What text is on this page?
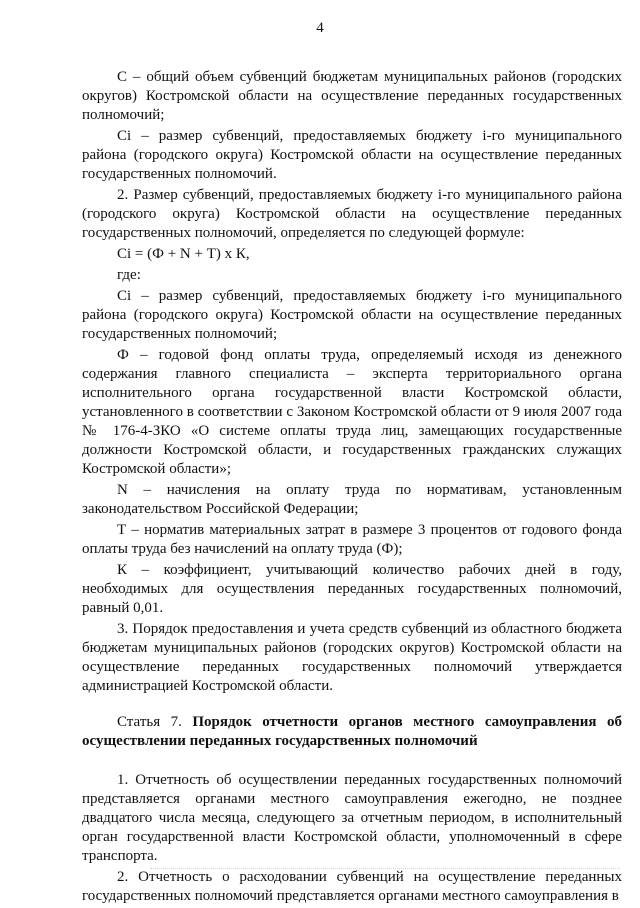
4

С – общий объем субвенций бюджетам муниципальных районов (городских округов) Костромской области на осуществление переданных государственных полномочий;

Ci – размер субвенций, предоставляемых бюджету i-го муниципального района (городского округа) Костромской области на осуществление переданных государственных полномочий.

2. Размер субвенций, предоставляемых бюджету i-го муниципального района (городского округа) Костромской области на осуществление переданных государственных полномочий, определяется по следующей формуле:

Ci = (Ф + N + Т) х К,

где:

Ci – размер субвенций, предоставляемых бюджету i-го муниципального района (городского округа) Костромской области на осуществление переданных государственных полномочий;

Ф – годовой фонд оплаты труда, определяемый исходя из денежного содержания главного специалиста – эксперта территориального органа исполнительного органа государственной власти Костромской области, установленного в соответствии с Законом Костромской области от 9 июля 2007 года № 176-4-ЗКО «О системе оплаты труда лиц, замещающих государственные должности Костромской области, и государственных гражданских служащих Костромской области»;

N – начисления на оплату труда по нормативам, установленным законодательством Российской Федерации;

Т – норматив материальных затрат в размере 3 процентов от годового фонда оплаты труда без начислений на оплату труда (Ф);

К – коэффициент, учитывающий количество рабочих дней в году, необходимых для осуществления переданных государственных полномочий, равный 0,01.

3. Порядок предоставления и учета средств субвенций из областного бюджета бюджетам муниципальных районов (городских округов) Костромской области на осуществление переданных государственных полномочий утверждается администрацией Костромской области.

Статья 7. Порядок отчетности органов местного самоуправления об осуществлении переданных государственных полномочий

1. Отчетность об осуществлении переданных государственных полномочий представляется органами местного самоуправления ежегодно, не позднее двадцатого числа месяца, следующего за отчетным периодом, в исполнительный орган государственной власти Костромской области, уполномоченный в сфере транспорта.

2. Отчетность о расходовании субвенций на осуществление переданных государственных полномочий представляется органами местного самоуправления в
